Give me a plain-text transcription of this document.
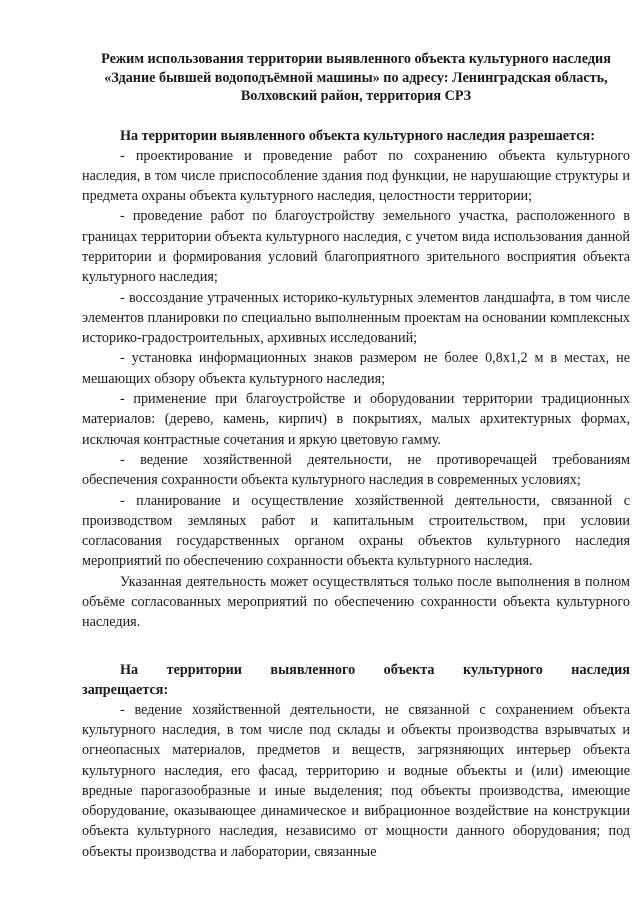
Режим использования территории выявленного объекта культурного наследия
«Здание бывшей водоподъёмной машины» по адресу: Ленинградская область,
Волховский район, территория СРЗ

На территории выявленного объекта культурного наследия разрешается:

- проектирование и проведение работ по сохранению объекта культурного наследия, в том числе приспособление здания под функции, не нарушающие структуры и предмета охраны объекта культурного наследия, целостности территории;

- проведение работ по благоустройству земельного участка, расположенного в границах территории объекта культурного наследия, с учетом вида использования данной территории и формирования условий благоприятного зрительного восприятия объекта культурного наследия;

- воссоздание утраченных историко-культурных элементов ландшафта, в том числе элементов планировки по специально выполненным проектам на основании комплексных историко-градостроительных, архивных исследований;

- установка информационных знаков размером не более 0,8х1,2 м в местах, не мешающих обзору объекта культурного наследия;

- применение при благоустройстве и оборудовании территории традиционных материалов: (дерево, камень, кирпич) в покрытиях, малых архитектурных формах, исключая контрастные сочетания и яркую цветовую гамму.

- ведение хозяйственной деятельности, не противоречащей требованиям обеспечения сохранности объекта культурного наследия в современных условиях;

- планирование и осуществление хозяйственной деятельности, связанной с производством земляных работ и капитальным строительством, при условии согласования государственных органом охраны объектов культурного наследия мероприятий по обеспечению сохранности объекта культурного наследия.

Указанная деятельность может осуществляться только после выполнения в полном объёме согласованных мероприятий по обеспечению сохранности объекта культурного наследия.

На территории выявленного объекта культурного наследия

запрещается:

- ведение хозяйственной деятельности, не связанной с сохранением объекта культурного наследия, в том числе под склады и объекты производства взрывчатых и огнеопасных материалов, предметов и веществ, загрязняющих интерьер объекта культурного наследия, его фасад, территорию и водные объекты и (или) имеющие вредные парогазообразные и иные выделения; под объекты производства, имеющие оборудование, оказывающее динамическое и вибрационное воздействие на конструкции объекта культурного наследия, независимо от мощности данного оборудования; под объекты производства и лаборатории, связанные
